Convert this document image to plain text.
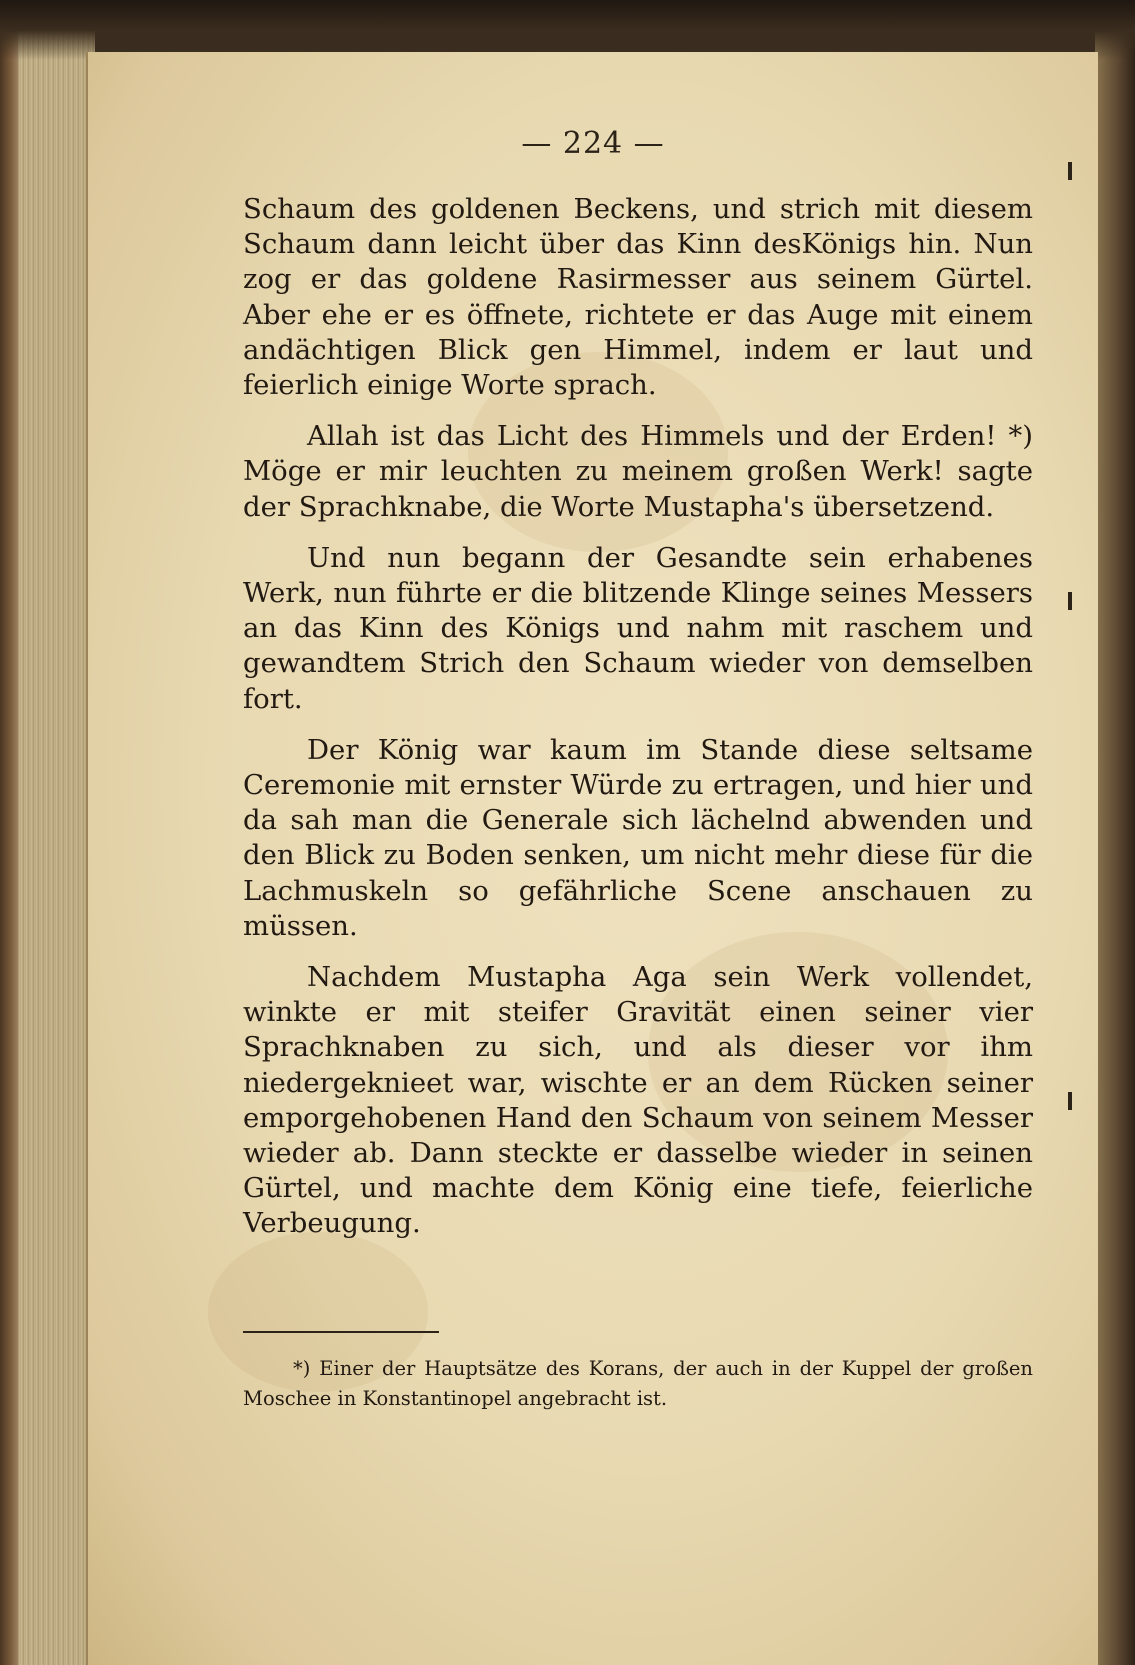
— 224 —

Schaum des goldenen Beckens, und strich mit diesem Schaum dann leicht über das Kinn desKönigs hin. Nun zog er das goldene Rasirmesser aus seinem Gürtel. Aber ehe er es öffnete, richtete er das Auge mit einem andächtigen Blick gen Himmel, indem er laut und feierlich einige Worte sprach.

Allah ist das Licht des Himmels und der Erden! *) Möge er mir leuchten zu meinem großen Werk! sagte der Sprachknabe, die Worte Mustapha's übersetzend.

Und nun begann der Gesandte sein erhabenes Werk, nun führte er die blitzende Klinge seines Messers an das Kinn des Königs und nahm mit raschem und gewandtem Strich den Schaum wieder von demselben fort.

Der König war kaum im Stande diese seltsame Ceremonie mit ernster Würde zu ertragen, und hier und da sah man die Generale sich lächelnd abwenden und den Blick zu Boden senken, um nicht mehr diese für die Lachmuskeln so gefährliche Scene anschauen zu müssen.

Nachdem Mustapha Aga sein Werk vollendet, winkte er mit steifer Gravität einen seiner vier Sprachknaben zu sich, und als dieser vor ihm niedergeknieet war, wischte er an dem Rücken seiner emporgehobenen Hand den Schaum von seinem Messer wieder ab. Dann steckte er dasselbe wieder in seinen Gürtel, und machte dem König eine tiefe, feierliche Verbeugung.

*) Einer der Hauptsätze des Korans, der auch in der Kuppel der großen Moschee in Konstantinopel angebracht ist.
